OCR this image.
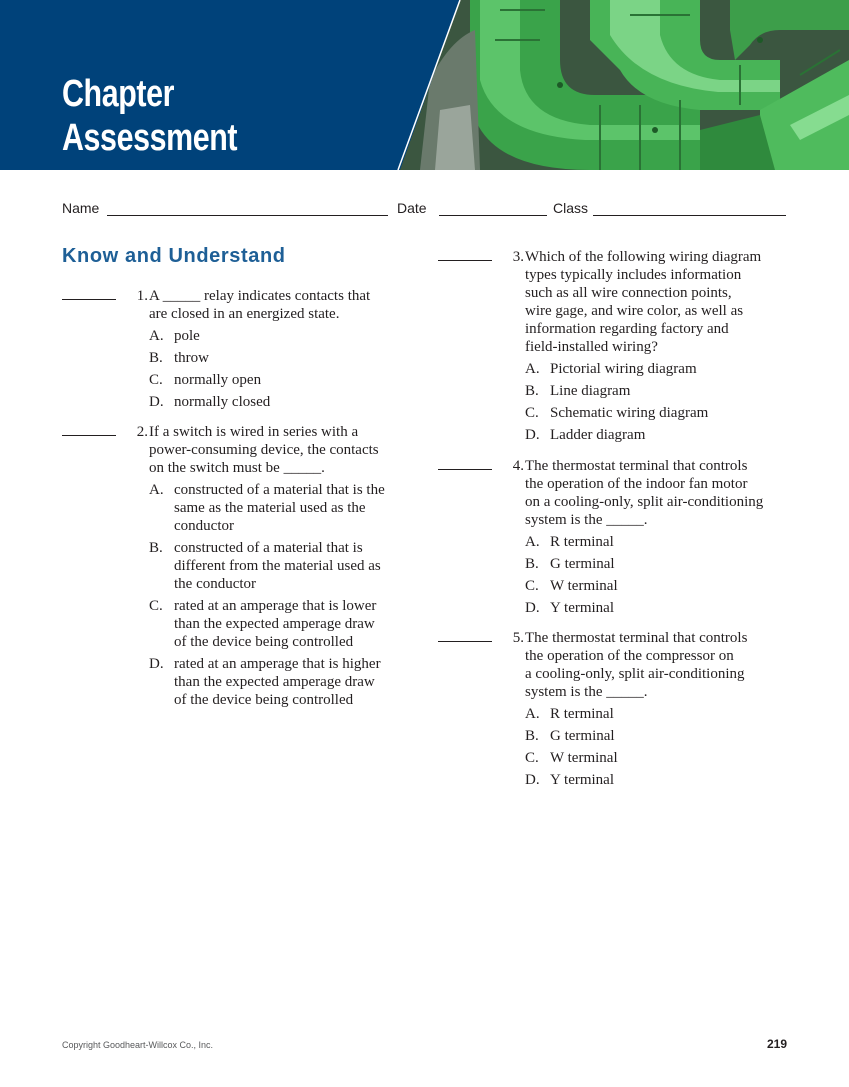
Chapter
Assessment
Name	Date	Class
Know and Understand
1. A _____ relay indicates contacts that
are closed in an energized state.
A. pole
B. throw
C. normally open
D. normally closed
2. If a switch is wired in series with a
power-consuming device, the contacts
on the switch must be _____.
A. constructed of a material that is the
same as the material used as the
conductor
B. constructed of a material that is
different from the material used as
the conductor
C. rated at an amperage that is lower
than the expected amperage draw
of the device being controlled
D. rated at an amperage that is higher
than the expected amperage draw
of the device being controlled
3. Which of the following wiring diagram
types typically includes information
such as all wire connection points,
wire gage, and wire color, as well as
information regarding factory and
field-installed wiring?
A. Pictorial wiring diagram
B. Line diagram
C. Schematic wiring diagram
D. Ladder diagram
4. The thermostat terminal that controls
the operation of the indoor fan motor
on a cooling-only, split air-conditioning
system is the _____.
A. R terminal
B. G terminal
C. W terminal
D. Y terminal
5. The thermostat terminal that controls
the operation of the compressor on
a cooling-only, split air-conditioning
system is the _____.
A. R terminal
B. G terminal
C. W terminal
D. Y terminal
Copyright Goodheart-Willcox Co., Inc.	219
